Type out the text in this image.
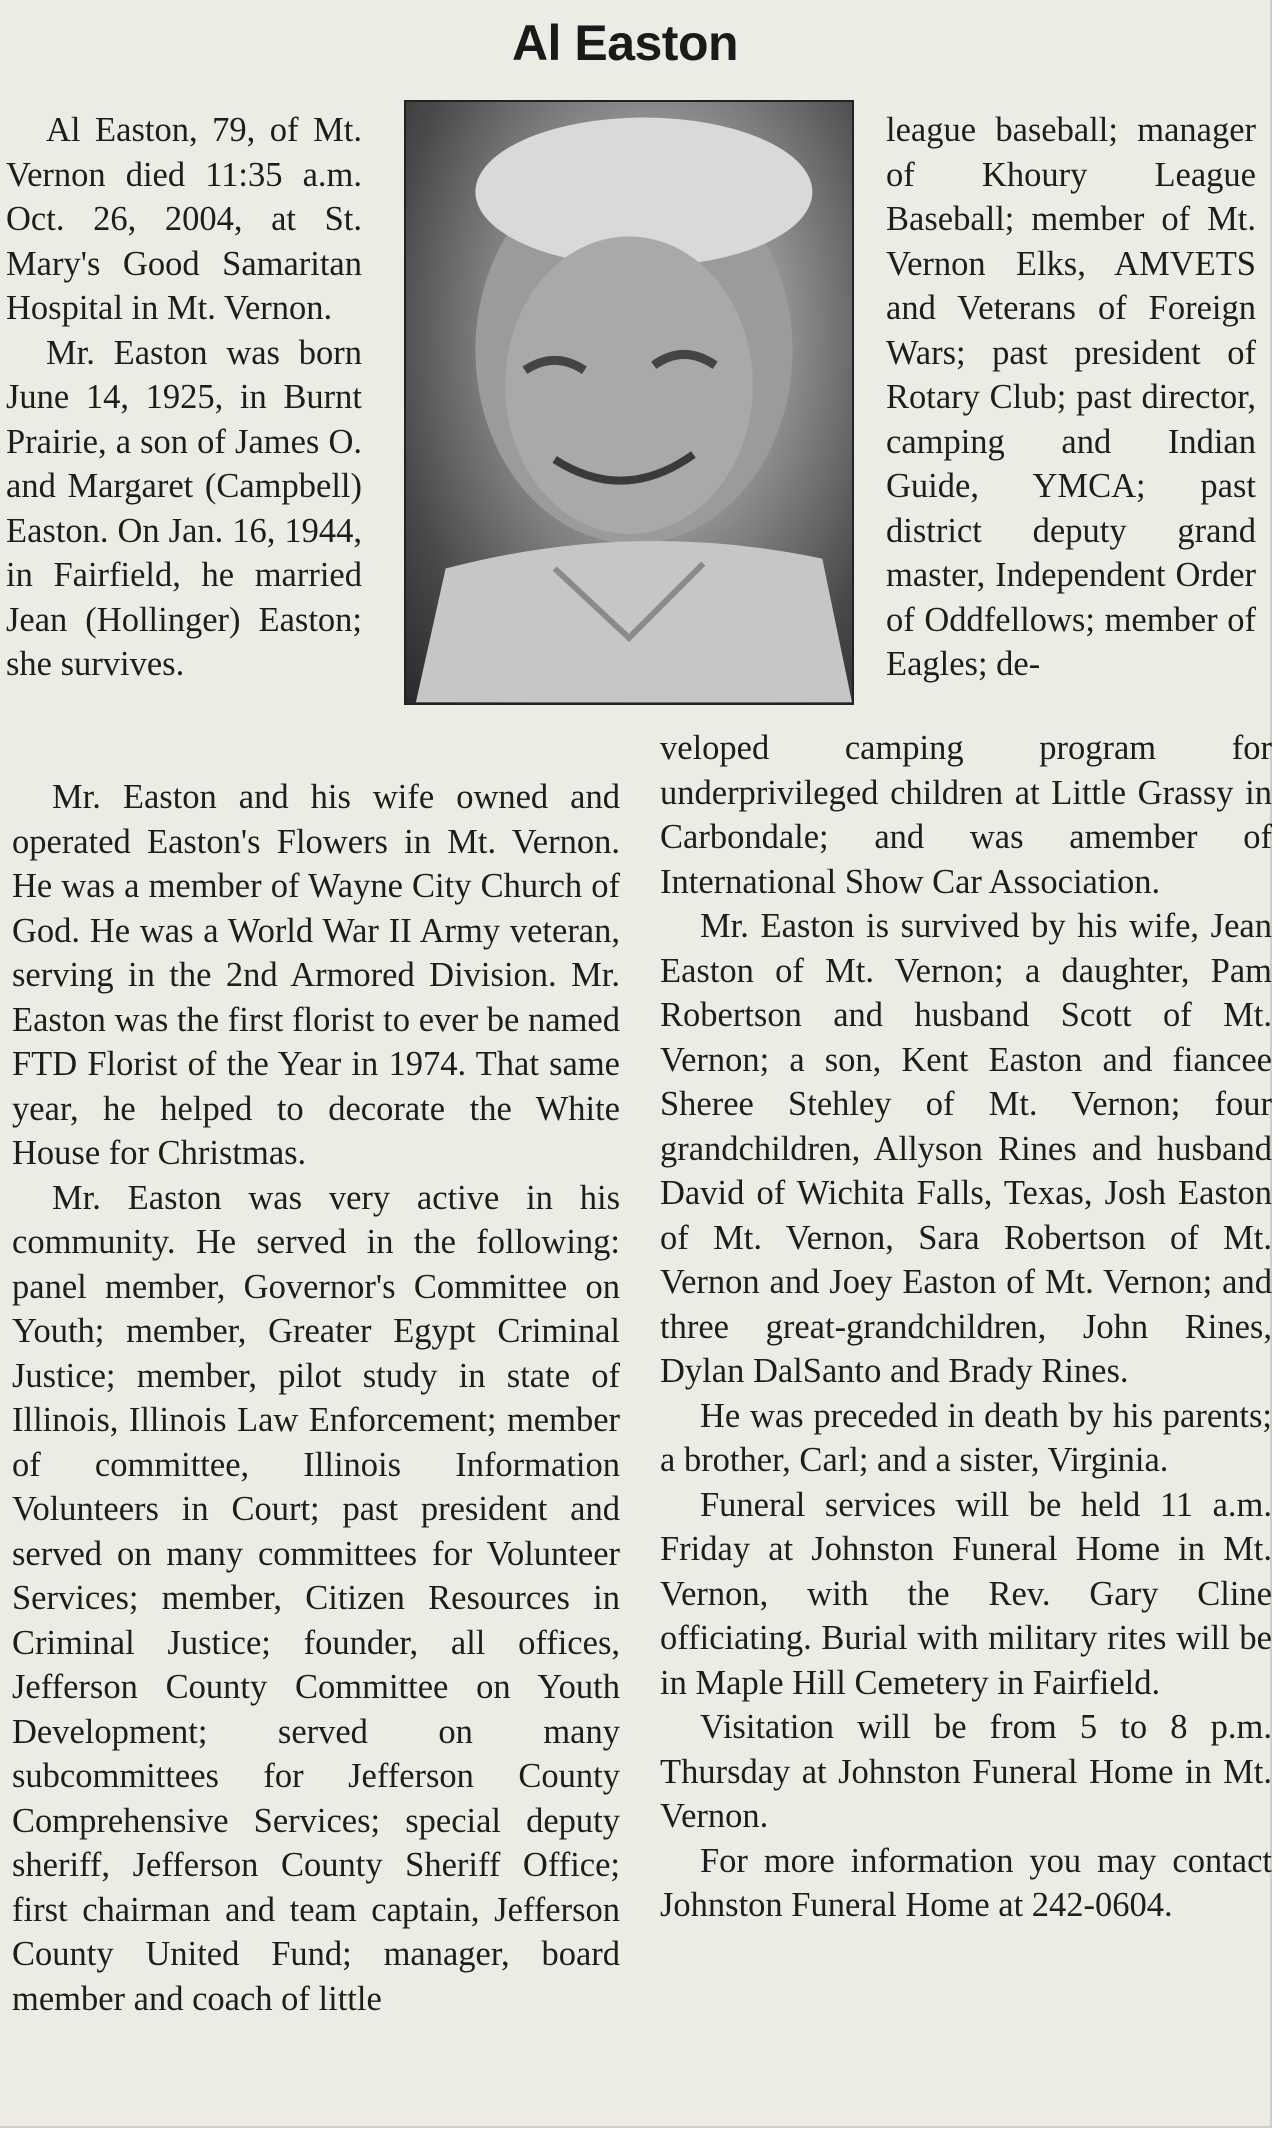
Al Easton

Al Easton, 79, of Mt. Vernon died 11:35 a.m. Oct. 26, 2004, at St. Mary's Good Samaritan Hospital in Mt. Vernon.

Mr. Easton was born June 14, 1925, in Burnt Prairie, a son of James O. and Margaret (Campbell) Easton. On Jan. 16, 1944, in Fairfield, he married Jean (Hollinger) Easton; she survives.

league baseball; manager of Khoury League Baseball; member of Mt. Vernon Elks, AMVETS and Veterans of Foreign Wars; past president of Rotary Club; past director, camping and Indian Guide, YMCA; past district deputy grand master, Independent Order of Oddfellows; member of Eagles; de-

Mr. Easton and his wife owned and operated Easton's Flowers in Mt. Vernon. He was a member of Wayne City Church of God. He was a World War II Army veteran, serving in the 2nd Armored Division. Mr. Easton was the first florist to ever be named FTD Florist of the Year in 1974. That same year, he helped to decorate the White House for Christmas.

Mr. Easton was very active in his community. He served in the following: panel member, Governor's Committee on Youth; member, Greater Egypt Criminal Justice; member, pilot study in state of Illinois, Illinois Law Enforcement; member of committee, Illinois Information Volunteers in Court; past president and served on many committees for Volunteer Services; member, Citizen Resources in Criminal Justice; founder, all offices, Jefferson County Committee on Youth Development; served on many subcommittees for Jefferson County Comprehensive Services; special deputy sheriff, Jefferson County Sheriff Office; first chairman and team captain, Jefferson County United Fund; manager, board member and coach of little

veloped camping program for underprivileged children at Little Grassy in Carbondale; and was amember of International Show Car Association.

Mr. Easton is survived by his wife, Jean Easton of Mt. Vernon; a daughter, Pam Robertson and husband Scott of Mt. Vernon; a son, Kent Easton and fiancee Sheree Stehley of Mt. Vernon; four grandchildren, Allyson Rines and husband David of Wichita Falls, Texas, Josh Easton of Mt. Vernon, Sara Robertson of Mt. Vernon and Joey Easton of Mt. Vernon; and three great-grandchildren, John Rines, Dylan DalSanto and Brady Rines.

He was preceded in death by his parents; a brother, Carl; and a sister, Virginia.

Funeral services will be held 11 a.m. Friday at Johnston Funeral Home in Mt. Vernon, with the Rev. Gary Cline officiating. Burial with military rites will be in Maple Hill Cemetery in Fairfield.

Visitation will be from 5 to 8 p.m. Thursday at Johnston Funeral Home in Mt. Vernon.

For more information you may contact Johnston Funeral Home at 242-0604.
